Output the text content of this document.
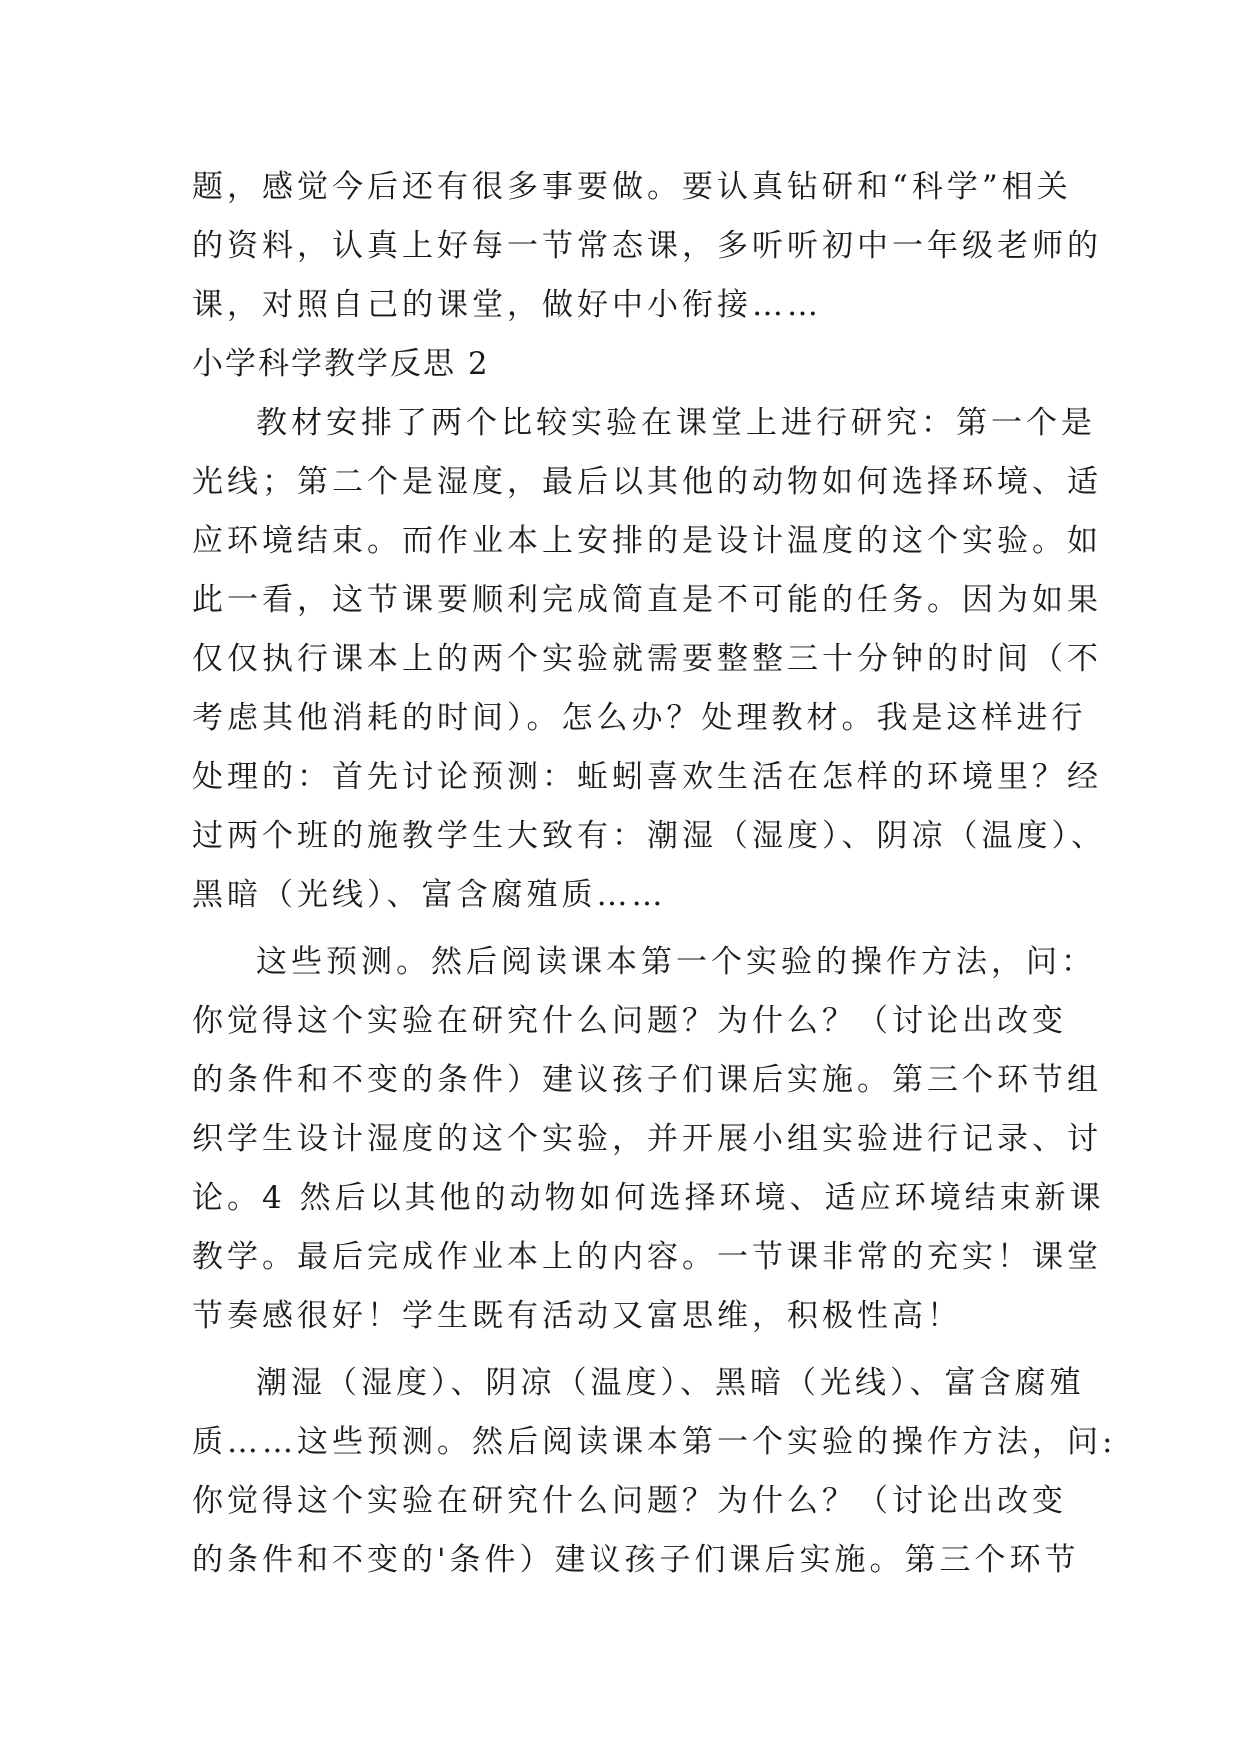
题，感觉今后还有很多事要做。要认真钻研和“科学”相关
的资料，认真上好每一节常态课，多听听初中一年级老师的
课，对照自己的课堂，做好中小衔接……
小学科学教学反思 2
教材安排了两个比较实验在课堂上进行研究：第一个是
光线；第二个是湿度，最后以其他的动物如何选择环境、适
应环境结束。而作业本上安排的是设计温度的这个实验。如
此一看，这节课要顺利完成简直是不可能的任务。因为如果
仅仅执行课本上的两个实验就需要整整三十分钟的时间（不
考虑其他消耗的时间）。怎么办？处理教材。我是这样进行
处理的：首先讨论预测：蚯蚓喜欢生活在怎样的环境里？经
过两个班的施教学生大致有：潮湿（湿度）、阴凉（温度）、
黑暗（光线）、富含腐殖质……
这些预测。然后阅读课本第一个实验的操作方法，问：
你觉得这个实验在研究什么问题？为什么？（讨论出改变
的条件和不变的条件）建议孩子们课后实施。第三个环节组
织学生设计湿度的这个实验，并开展小组实验进行记录、讨
论。4 然后以其他的动物如何选择环境、适应环境结束新课
教学。最后完成作业本上的内容。一节课非常的充实！课堂
节奏感很好！学生既有活动又富思维，积极性高！
潮湿（湿度）、阴凉（温度）、黑暗（光线）、富含腐殖
质……这些预测。然后阅读课本第一个实验的操作方法，问:
你觉得这个实验在研究什么问题？为什么？（讨论出改变
的条件和不变的'条件）建议孩子们课后实施。第三个环节
